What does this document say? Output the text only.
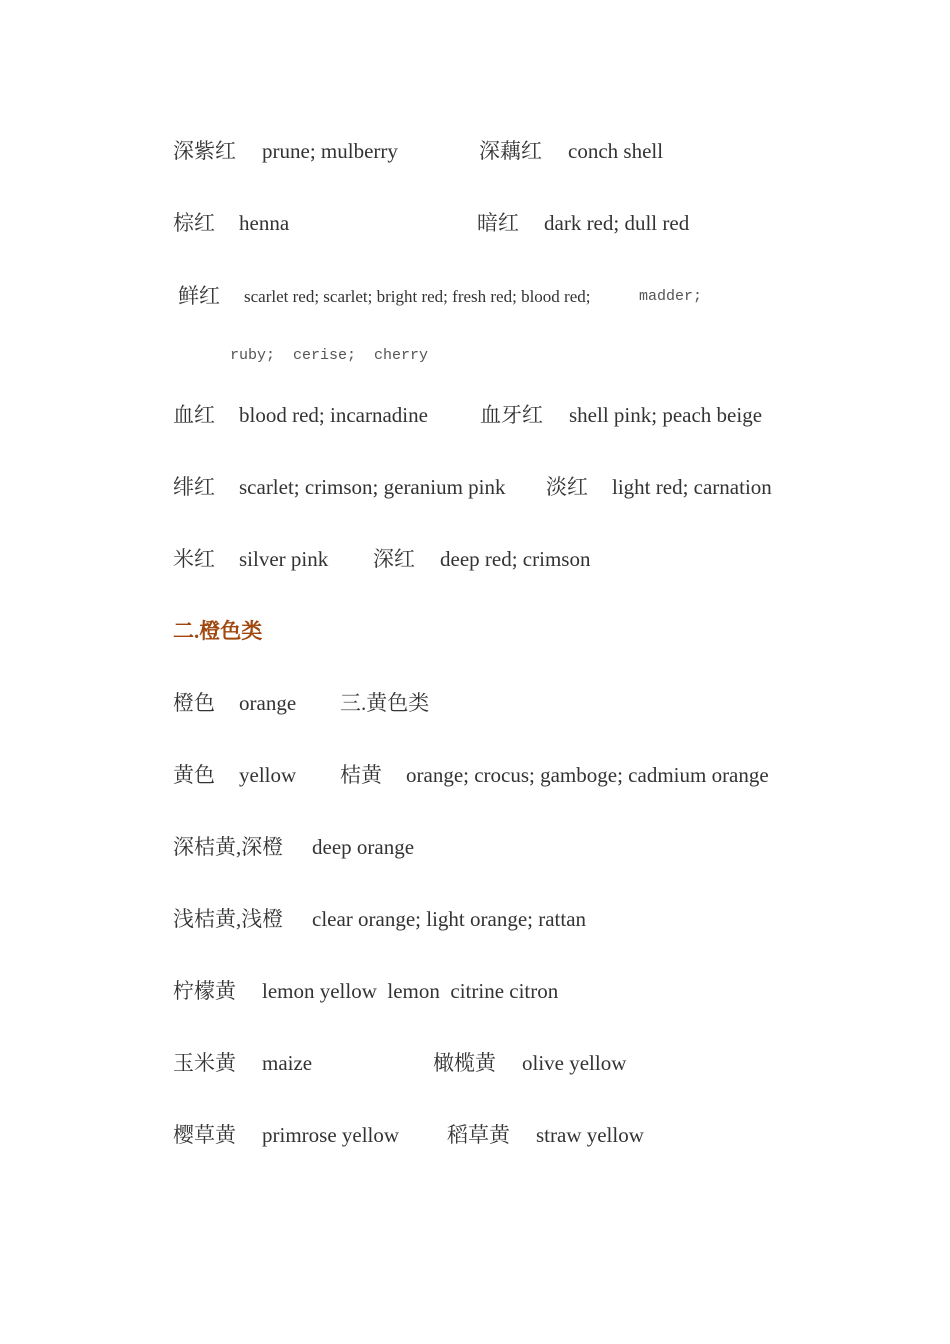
深紫红 prune; mulberry	深藕红 conch shell
棕红 henna	暗红 dark red; dull red
鲜红 scarlet red; scarlet; bright red; fresh red; blood red;	madder;
ruby;  cerise;  cherry
血红 blood red; incarnadine 血牙红 shell pink; peach beige
绯红 scarlet; crimson; geranium pink 淡红 light red; carnation
米红 silver pink 深红 deep red; crimson
二.橙色类
橙色 orange 三.黄色类
黄色 yellow 桔黄 orange; crocus; gamboge; cadmium orange
深桔黄,深橙 deep orange
浅桔黄,浅橙 clear orange; light orange; rattan
柠檬黄 lemon yellow  lemon  citrine citron
玉米黄 maize	橄榄黄 olive yellow
樱草黄 primrose yellow 稻草黄 straw yellow
